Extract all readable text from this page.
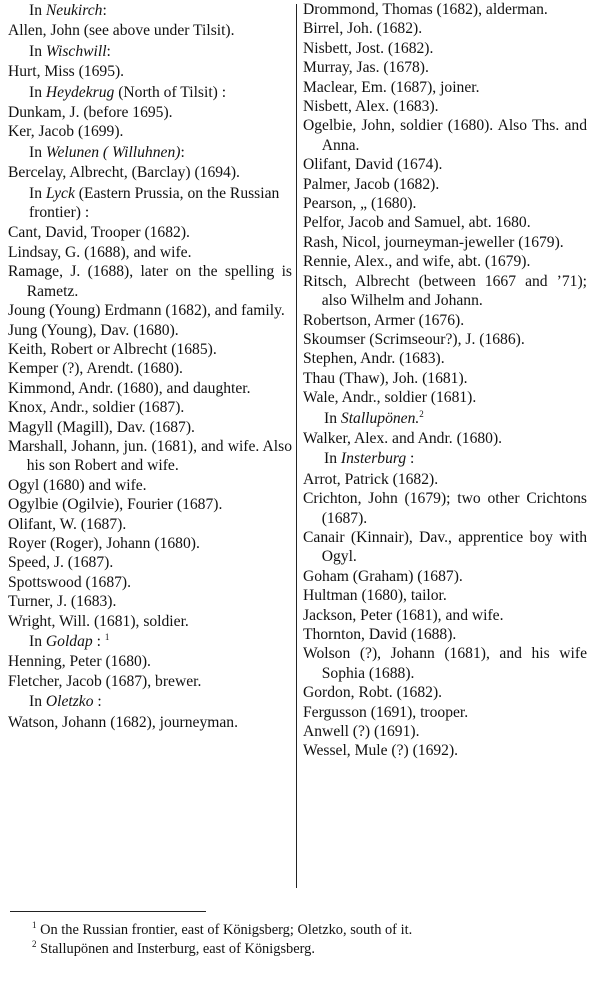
In Neukirch:
Allen, John (see above under Tilsit).
In Wischwill:
Hurt, Miss (1695).
In Heydekrug (North of Tilsit) :
Dunkam, J. (before 1695).
Ker, Jacob (1699).
In Welunen ( Willuhnen):
Bercelay, Albrecht, (Barclay) (1694).
In Lyck (Eastern Prussia, on the Russian frontier) :
Cant, David, Trooper (1682).
Lindsay, G. (1688), and wife.
Ramage, J. (1688), later on the spelling is Rametz.
Joung (Young) Erdmann (1682), and family.
Jung (Young), Dav. (1680).
Keith, Robert or Albrecht (1685).
Kemper (?), Arendt. (1680).
Kimmond, Andr. (1680), and daughter.
Knox, Andr., soldier (1687).
Magyll (Magill), Dav. (1687).
Marshall, Johann, jun. (1681), and wife. Also his son Robert and wife.
Ogyl (1680) and wife.
Ogylbie (Ogilvie), Fourier (1687).
Olifant, W. (1687).
Royer (Roger), Johann (1680).
Speed, J. (1687).
Spottswood (1687).
Turner, J. (1683).
Wright, Will. (1681), soldier.
In Goldap : $^1$
Henning, Peter (1680).
Fletcher, Jacob (1687), brewer.
In Oletzko :
Watson, Johann (1682), journeyman.
Drommond, Thomas (1682), alderman.
Birrel, Joh. (1682).
Nisbett, Jost. (1682).
Murray, Jas. (1678).
Maclear, Em. (1687), joiner.
Nisbett, Alex. (1683).
Ogelbie, John, soldier (1680). Also Ths. and Anna.
Olifant, David (1674).
Palmer, Jacob (1682).
Pearson, „ (1680).
Pelfor, Jacob and Samuel, abt. 1680.
Rash, Nicol, journeyman-jeweller (1679).
Rennie, Alex., and wife, abt. (1679).
Ritsch, Albrecht (between 1667 and ’71); also Wilhelm and Johann.
Robertson, Armer (1676).
Skoumser (Scrimseour?), J. (1686).
Stephen, Andr. (1683).
Thau (Thaw), Joh. (1681).
Wale, Andr., soldier (1681).
In Stallupönen.$^2$
Walker, Alex. and Andr. (1680).
In Insterburg :
Arrot, Patrick (1682).
Crichton, John (1679); two other Crichtons (1687).
Canair (Kinnair), Dav., apprentice boy with Ogyl.
Goham (Graham) (1687).
Hultman (1680), tailor.
Jackson, Peter (1681), and wife.
Thornton, David (1688).
Wolson (?), Johann (1681), and his wife Sophia (1688).
Gordon, Robt. (1682).
Fergusson (1691), trooper.
Anwell (?) (1691).
Wessel, Mule (?) (1692).
$^1$ On the Russian frontier, east of Königsberg; Oletzko, south of it.
$^2$ Stallupönen and Insterburg, east of Königsberg.
